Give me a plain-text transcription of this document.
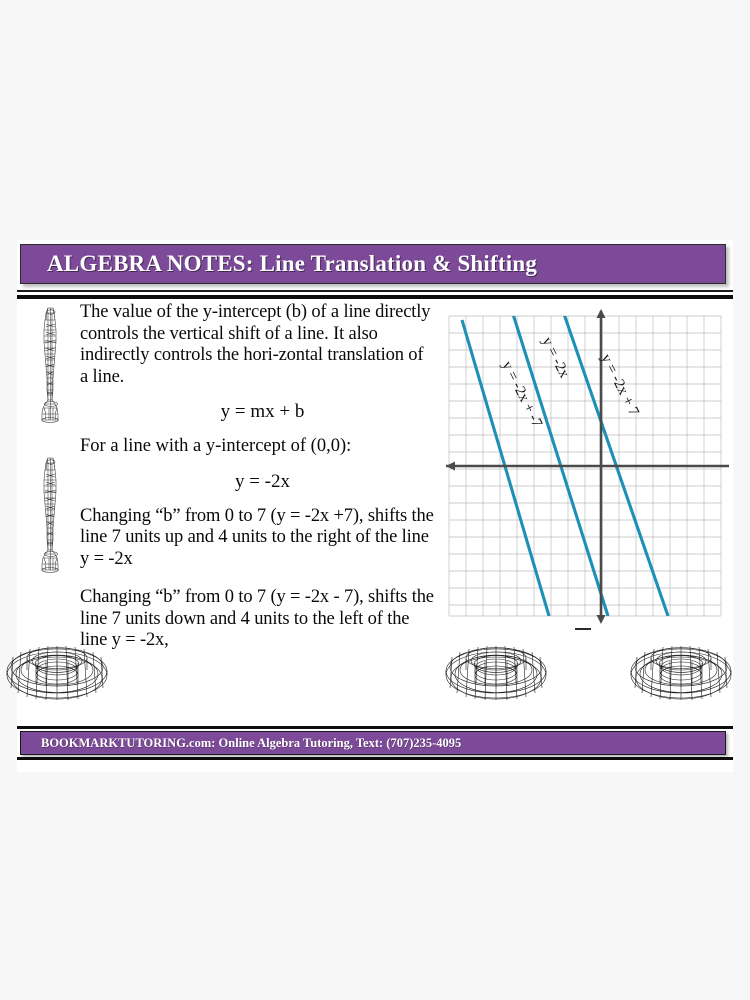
ALGEBRA NOTES: Line Translation & Shifting

The value of the y-intercept (b) of a line directly controls the vertical shift of a line. It also indirectly controls the hori-zontal translation of a line.

y = mx + b

For a line with a y-intercept of (0,0):

y = -2x

Changing “b” from 0 to 7 (y = -2x +7), shifts the line 7 units up and 4 units to the right of the line y = -2x

Changing “b” from 0 to 7 (y = -2x - 7), shifts the line 7 units down and 4 units to the left of the line y = -2x,

y = -2x + -7
y = -2x y = -2x + 7
BOOKMARKTUTORING.com: Online Algebra Tutoring, Text: (707)235-4095
